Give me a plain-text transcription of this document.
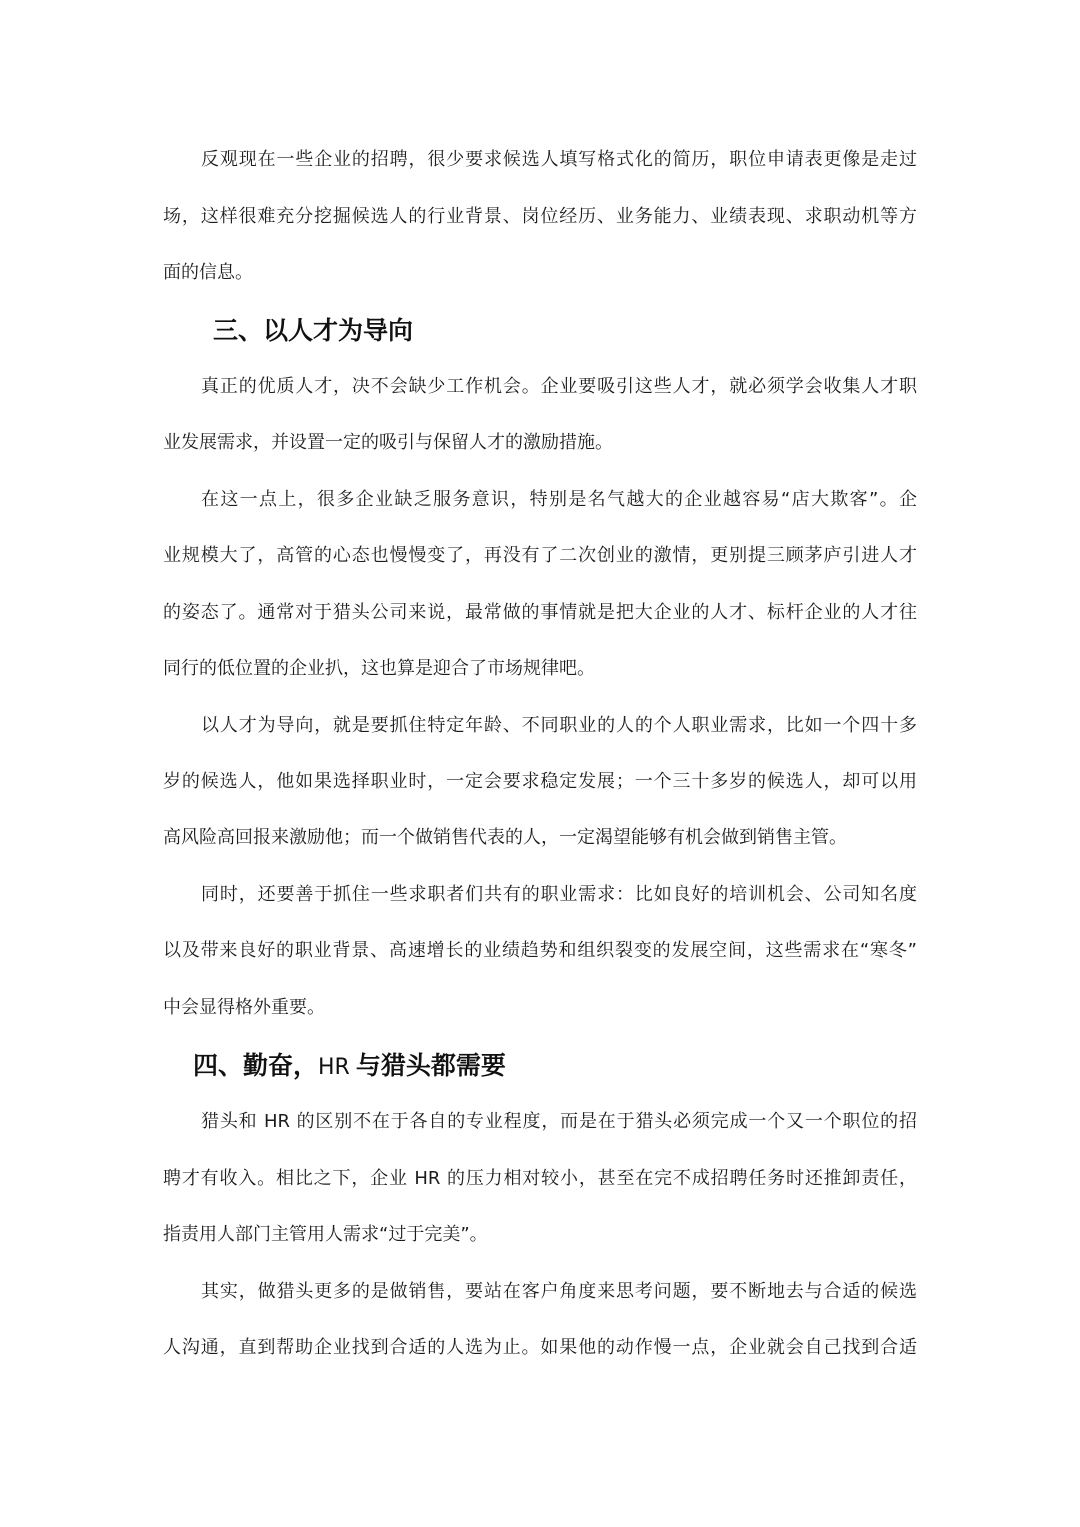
反观现在一些企业的招聘，很少要求候选人填写格式化的简历，职位申请表更像是走过
场，这样很难充分挖掘候选人的行业背景、岗位经历、业务能力、业绩表现、求职动机等方
面的信息。
三、以人才为导向
真正的优质人才，决不会缺少工作机会。企业要吸引这些人才，就必须学会收集人才职
业发展需求，并设置一定的吸引与保留人才的激励措施。
在这一点上，很多企业缺乏服务意识，特别是名气越大的企业越容易“店大欺客”。企
业规模大了，高管的心态也慢慢变了，再没有了二次创业的激情，更别提三顾茅庐引进人才
的姿态了。通常对于猎头公司来说，最常做的事情就是把大企业的人才、标杆企业的人才往
同行的低位置的企业扒，这也算是迎合了市场规律吧。
以人才为导向，就是要抓住特定年龄、不同职业的人的个人职业需求，比如一个四十多
岁的候选人，他如果选择职业时，一定会要求稳定发展；一个三十多岁的候选人，却可以用
高风险高回报来激励他；而一个做销售代表的人，一定渴望能够有机会做到销售主管。
同时，还要善于抓住一些求职者们共有的职业需求：比如良好的培训机会、公司知名度
以及带来良好的职业背景、高速增长的业绩趋势和组织裂变的发展空间，这些需求在“寒冬”
中会显得格外重要。
四、勤奋，HR 与猎头都需要
猎头和 HR 的区别不在于各自的专业程度，而是在于猎头必须完成一个又一个职位的招
聘才有收入。相比之下，企业 HR 的压力相对较小，甚至在完不成招聘任务时还推卸责任，
指责用人部门主管用人需求“过于完美”。
其实，做猎头更多的是做销售，要站在客户角度来思考问题，要不断地去与合适的候选
人沟通，直到帮助企业找到合适的人选为止。如果他的动作慢一点，企业就会自己找到合适
